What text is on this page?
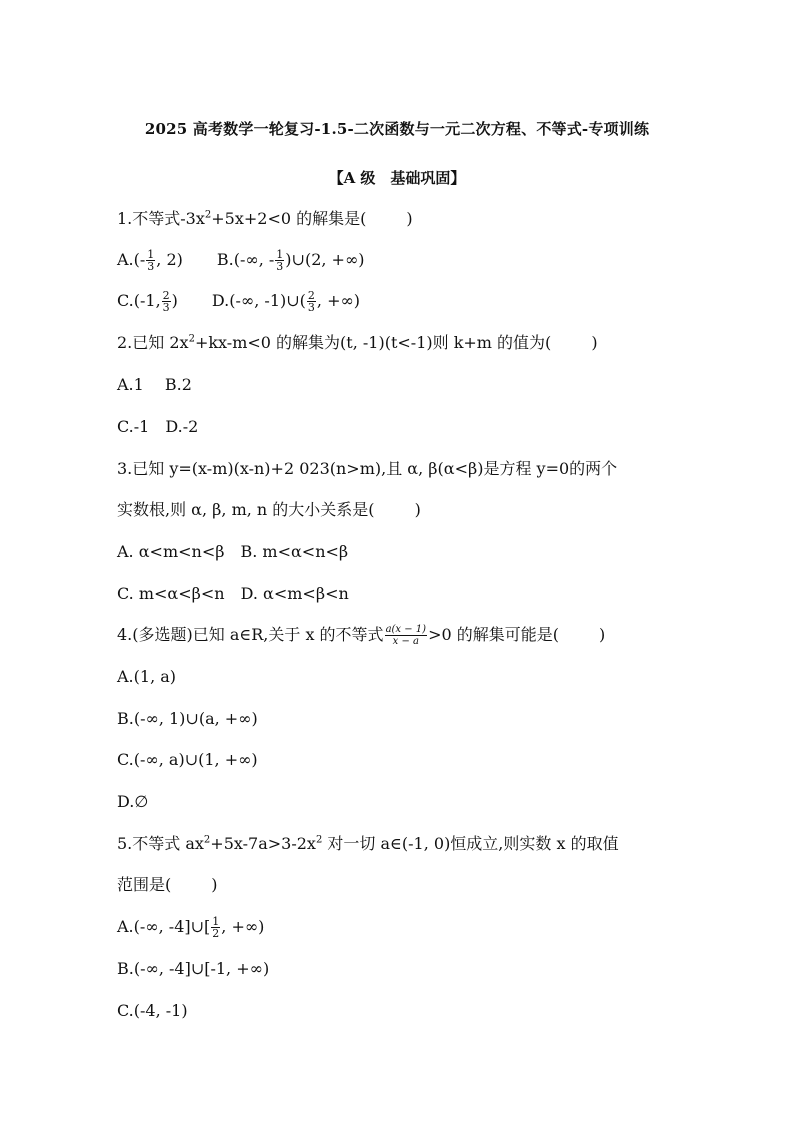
2025 高考数学一轮复习-1.5-二次函数与一元二次方程、不等式-专项训练
【A 级　基础巩固】
1.不等式$-3x^2+5x+2<0$ 的解集是(	)
$A.(- \frac{1}{3}$ , 2) B.(-∞, - $\frac{1}{3}$ )∪(2, +∞)
C.(-1, $\frac{2}{3}$ ) D.(-∞, -1)∪( $\frac{2}{3}$ , +∞)
2.已知 $2x^2+kx-m<0$ 的解集为(t, -1)(t<-1)则 k+m 的值为(	)
A.1　 B.2
C.-1　D.-2
3.已知 y=(x-m)(x-n)+2 023(n>m),且 α, β(α<β)是方程 y=0的两个
实数根,则 α, β, m, n 的大小关系是(	)
A. α<m<n<β　B. m<α<n<β
C. m<α<β<n　D. α<m<β<n
4.(多选题)已知 a∈R,关于 x 的不等式 $\frac{a(x - 1)}{x - a} >0$ 的解集可能是(	)
A.(1, a)
B.(-∞, 1)∪(a, +∞)
C.(-∞, a)∪(1, +∞)
D.∅
5.不等式 $ax^2+5x-7a>3-2x^2$ 对一切 a∈(-1, 0)恒成立,则实数 x 的取值
范围是(	)
A.(-∞, -4]∪[ $\frac{1}{2}$ , +∞)
B.(-∞, -4]∪[-1, +∞)
C.(-4, -1)
